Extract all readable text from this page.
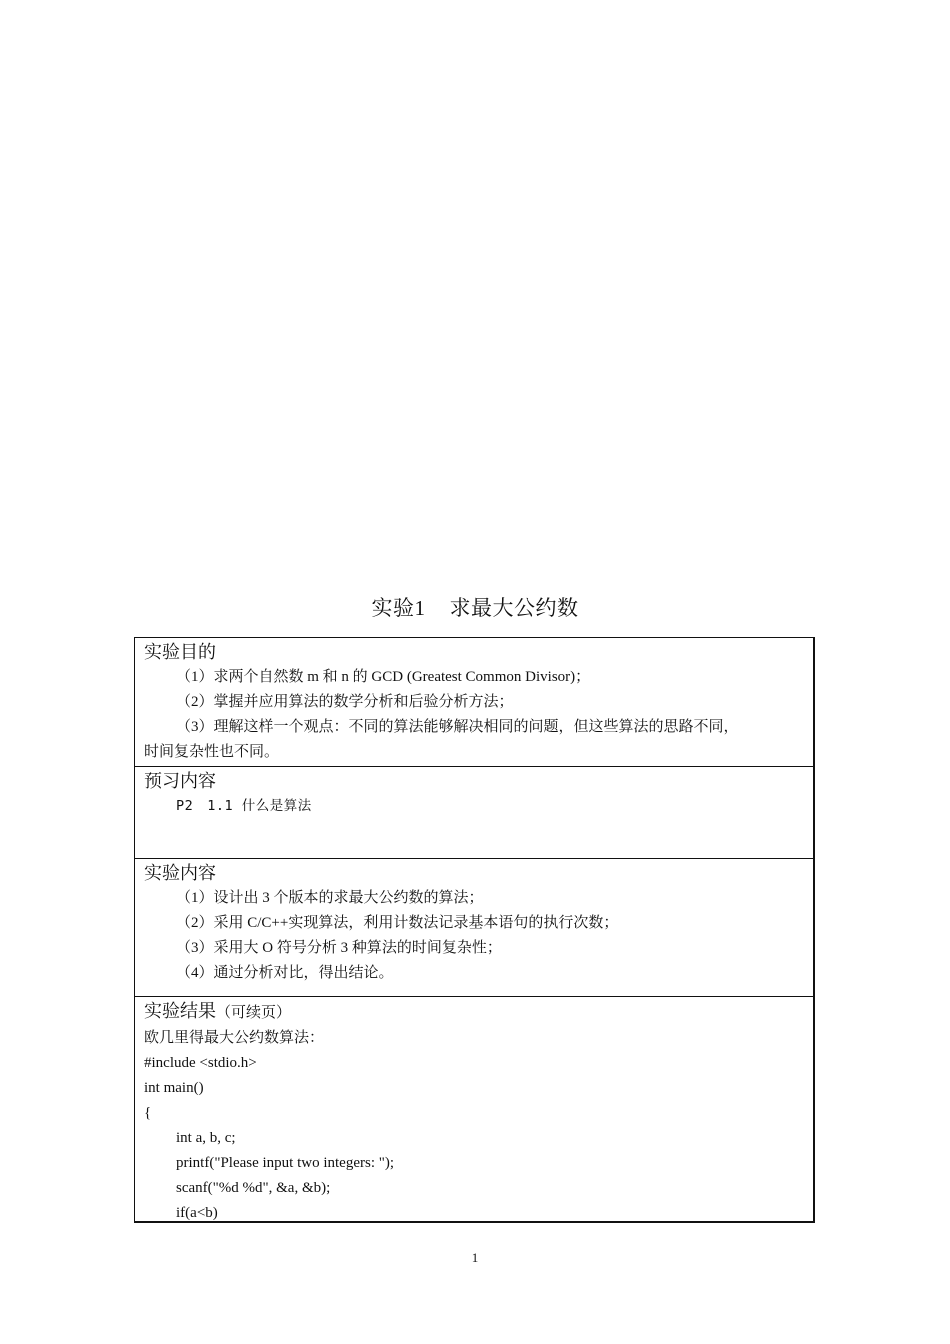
实验1 求最大公约数
实验目的
（1）求两个自然数 m 和 n 的 GCD (Greatest Common Divisor)；
（2）掌握并应用算法的数学分析和后验分析方法；
（3）理解这样一个观点：不同的算法能够解决相同的问题，但这些算法的思路不同，
时间复杂性也不同。
预习内容
P2　1.1 什么是算法
实验内容
（1）设计出 3 个版本的求最大公约数的算法；
（2）采用 C/C++实现算法，利用计数法记录基本语句的执行次数；
（3）采用大 O 符号分析 3 种算法的时间复杂性；
（4）通过分析对比，得出结论。
实验结果（可续页）
欧几里得最大公约数算法：
#include <stdio.h>
int main()
{
int a, b, c;
printf("Please input two integers: ");
scanf("%d %d", &a, &b);
if(a<b)
1
